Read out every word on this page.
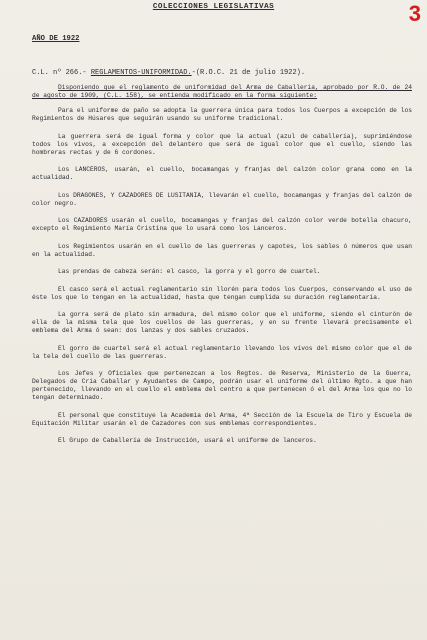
COLECCIONES LEGISLATIVAS	3
AÑO DE 1922
C.L. nº 266.- REGLAMENTOS-UNIFORMIDAD.-(R.O.C. 21 de julio 1922).

Disponiendo que el reglamento de uniformidad del Arma de Caballería, aprobado por R.O. de 24 de agosto de 1909, (C.L. 158), se entienda modificado en la forma siguiente:

Para el uniforme de paño se adopta la guerrera única para todos los Cuerpos a excepción de los Regimientos de Húsares que seguirán usando su uniforme tradicional.

La guerrera será de igual forma y color que la actual (azul de caballería), suprimiéndose todos los vivos, a excepción del delantero que será de igual color que el cuello, siendo las hombreras rectas y de 6 cordones.

Los LANCEROS, usarán, el cuello, bocamangas y franjas del calzón color grana como en la actualidad.

Los DRAGONES, Y CAZADORES DE LUSITANIA, llevarán el cuello, bocamangas y franjas del calzón de color negro.

Los CAZADORES usarán el cuello, bocamangas y franjas del calzón color verde botella chacuro, excepto el Regimiento María Cristina que lo usará como los Lanceros.

Los Regimientos usarán en el cuello de las guerreras y capotes, los sables ó números que usan en la actualidad.

Las prendas de cabeza serán: el casco, la gorra y el gorro de cuartel.

El casco será el actual reglamentario sin llorén para todos los Cuerpos, conservando el uso de éste los que lo tengan en la actualidad, hasta que tengan cumplida su duración reglamentaria.

La gorra será de plato sin armadura, del mismo color que el uniforme, siendo el cinturón de ella de la misma tela que los cuellos de las guerreras, y en su frente llevará precisamente el emblema del Arma ó sean: dos lanzas y dos sables cruzados.

El gorro de cuartel será el actual reglamentario llevando los vivos del mismo color que el de la tela del cuello de las guerreras.

Los Jefes y Oficiales que pertenezcan a los Regtos. de Reserva, Ministerio de la Guerra, Delegados de Cría Caballar y Ayudantes de Campo, podrán usar el uniforme del último Rgto. a que han pertenecido, llevando en el cuello el emblema del centro a que pertenecen ó el del Arma los que no lo tengan determinado.

El personal que constituye la Academia del Arma, 4ª Sección de la Escuela de Tiro y Escuela de Equitación Militar usarán el de Cazadores con sus emblemas correspondientes.

El Grupo de Caballería de Instrucción, usará el uniforme de lanceros.
